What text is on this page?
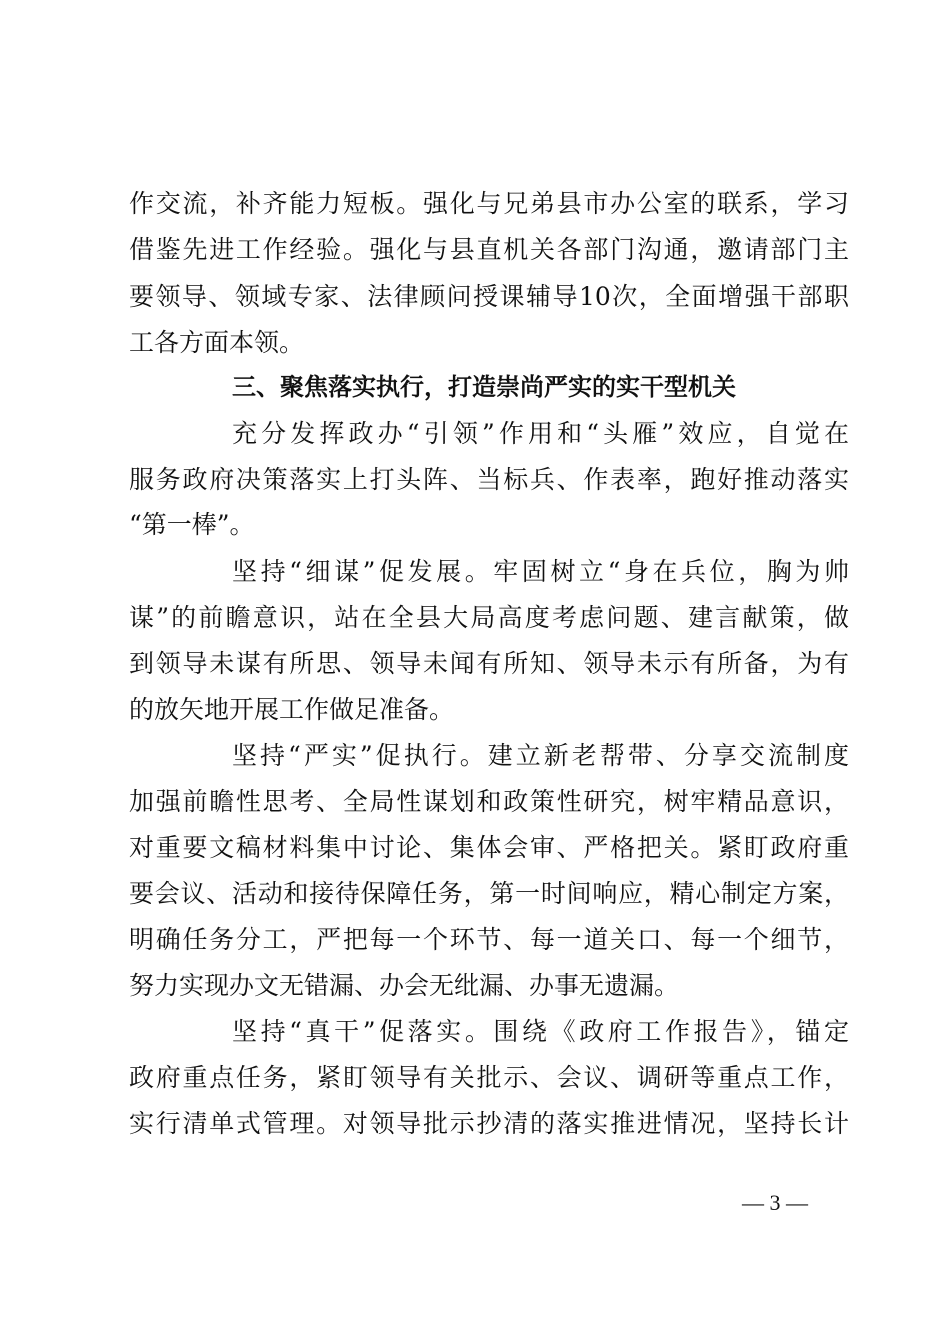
作交流，补齐能力短板。强化与兄弟县市办公室的联系，学习
借鉴先进工作经验。强化与县直机关各部门沟通，邀请部门主
要领导、领域专家、法律顾问授课辅导10次，全面增强干部职
工各方面本领。
三、聚焦落实执行，打造崇尚严实的实干型机关
充分发挥政办“引领”作用和“头雁”效应，自觉在
服务政府决策落实上打头阵、当标兵、作表率，跑好推动落实
“第一棒”。
坚持“细谋”促发展。牢固树立“身在兵位，胸为帅
谋”的前瞻意识，站在全县大局高度考虑问题、建言献策，做
到领导未谋有所思、领导未闻有所知、领导未示有所备，为有
的放矢地开展工作做足准备。
坚持“严实”促执行。建立新老帮带、分享交流制度
加强前瞻性思考、全局性谋划和政策性研究，树牢精品意识，
对重要文稿材料集中讨论、集体会审、严格把关。紧盯政府重
要会议、活动和接待保障任务，第一时间响应，精心制定方案，
明确任务分工，严把每一个环节、每一道关口、每一个细节，
努力实现办文无错漏、办会无纰漏、办事无遗漏。
坚持“真干”促落实。围绕《政府工作报告》，锚定
政府重点任务，紧盯领导有关批示、会议、调研等重点工作，
实行清单式管理。对领导批示抄清的落实推进情况，坚持长计
— 3 —
